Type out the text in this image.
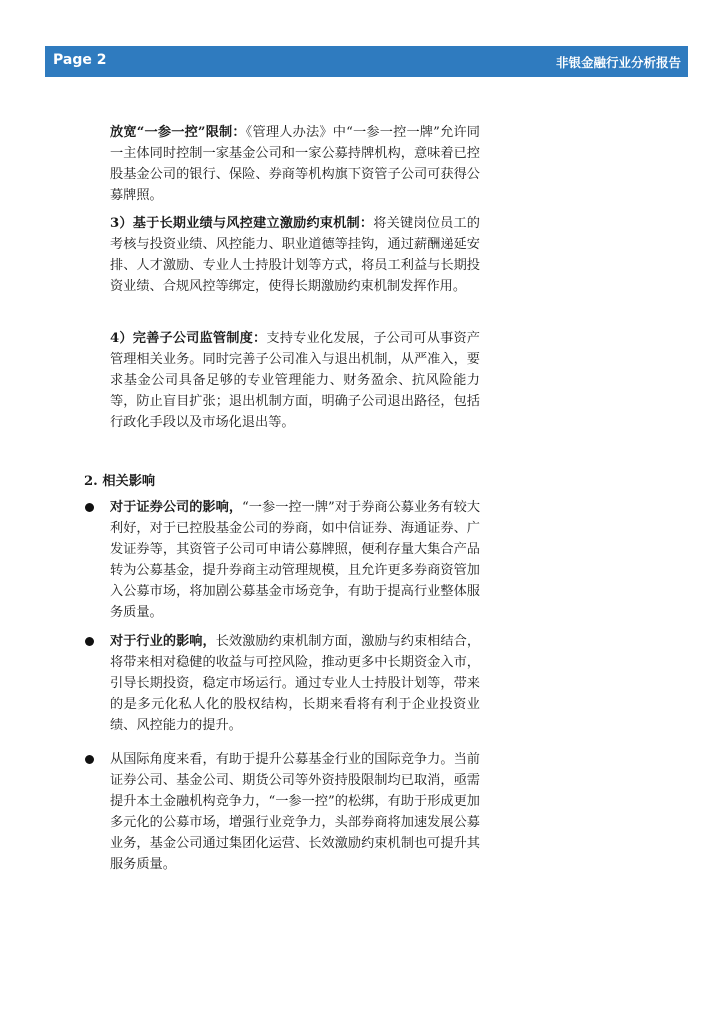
Page 2	非银金融行业分析报告
放宽“一参一控”限制：《管理人办法》中“一参一控一牌”允许同一主体同时控制一家基金公司和一家公募持牌机构，意味着已控股基金公司的银行、保险、券商等机构旗下资管子公司可获得公募牌照。
3）基于长期业绩与风控建立激励约束机制：将关键岗位员工的考核与投资业绩、风控能力、职业道德等挂钩，通过薪酬递延安排、人才激励、专业人士持股计划等方式，将员工利益与长期投资业绩、合规风控等绑定，使得长期激励约束机制发挥作用。
4）完善子公司监管制度：支持专业化发展，子公司可从事资产管理相关业务。同时完善子公司准入与退出机制，从严准入，要求基金公司具备足够的专业管理能力、财务盈余、抗风险能力等，防止盲目扩张；退出机制方面，明确子公司退出路径，包括行政化手段以及市场化退出等。
2. 相关影响
对于证券公司的影响，“一参一控一牌”对于券商公募业务有较大利好，对于已控股基金公司的券商，如中信证券、海通证券、广发证券等，其资管子公司可申请公募牌照，便利存量大集合产品转为公募基金，提升券商主动管理规模，且允许更多券商资管加入公募市场，将加剧公募基金市场竞争，有助于提高行业整体服务质量。
对于行业的影响，长效激励约束机制方面，激励与约束相结合，将带来相对稳健的收益与可控风险，推动更多中长期资金入市，引导长期投资，稳定市场运行。通过专业人士持股计划等，带来的是多元化私人化的股权结构，长期来看将有利于企业投资业绩、风控能力的提升。
从国际角度来看，有助于提升公募基金行业的国际竞争力。当前证券公司、基金公司、期货公司等外资持股限制均已取消，亟需提升本土金融机构竞争力，“一参一控”的松绑，有助于形成更加多元化的公募市场，增强行业竞争力，头部券商将加速发展公募业务，基金公司通过集团化运营、长效激励约束机制也可提升其服务质量。
